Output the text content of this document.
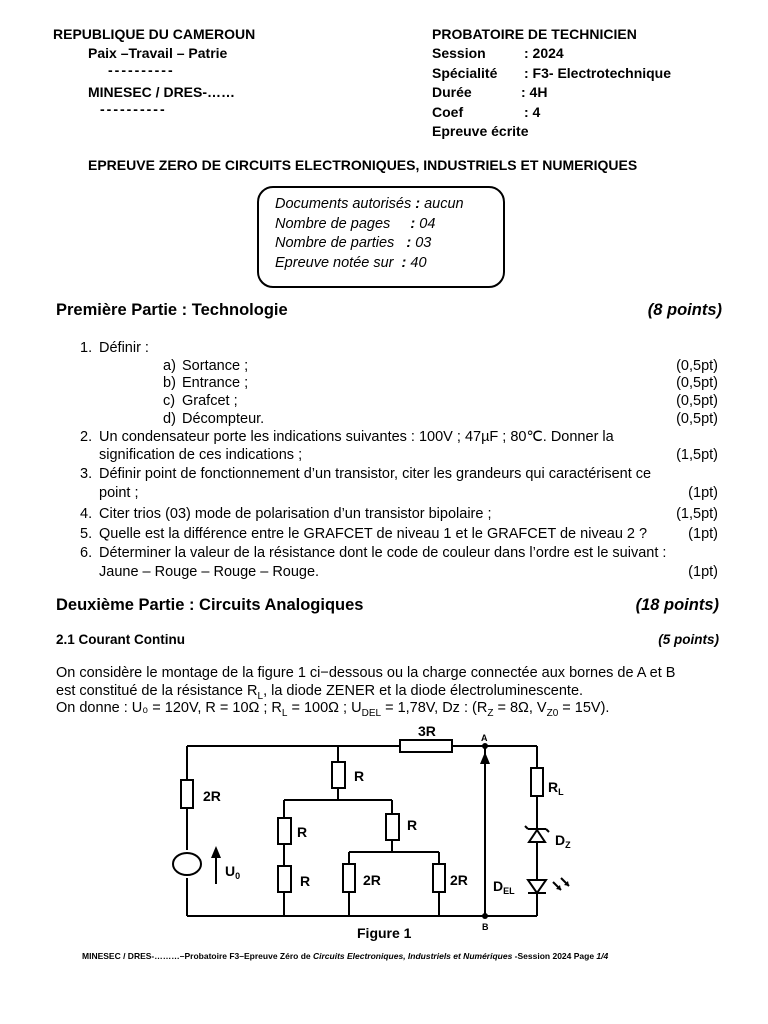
REPUBLIQUE DU CAMEROUN
Paix –Travail – Patrie
----------
MINESEC / DRES-……
----------
PROBATOIRE DE TECHNICIEN
Session	: 2024
Spécialité : F3- Electrotechnique
Durée	: 4H
Coef	: 4
Epreuve écrite
EPREUVE ZERO DE CIRCUITS ELECTRONIQUES, INDUSTRIELS ET NUMERIQUES
Documents autorisés : aucun
Nombre de pages     : 04
Nombre de parties   : 03
Epreuve notée sur  : 40
Première Partie : Technologie	(8 points)
1. Définir :
a) Sortance ;	(0,5pt)
b) Entrance ;	(0,5pt)
c) Grafcet ;	(0,5pt)
d) Décompteur.	(0,5pt)
2. Un condensateur porte les indications suivantes : 100V ; 47µF ; 80℃. Donner la
signification de ces indications ;	(1,5pt)
3. Définir point de fonctionnement d’un transistor, citer les grandeurs qui caractérisent ce
point ;	(1pt)
4. Citer trios (03) mode de polarisation d’un transistor bipolaire ;	(1,5pt)
5. Quelle est la différence entre le GRAFCET de niveau 1 et le GRAFCET de niveau 2 ?	(1pt)
6. Déterminer la valeur de la résistance dont le code de couleur dans l’ordre est le suivant :
Jaune – Rouge – Rouge – Rouge.	(1pt)
Deuxième Partie : Circuits Analogiques	(18 points)
2.1 Courant Continu	(5 points)
On considère le montage de la figure 1 ci−dessous ou la charge connectée aux bornes de A et B
est constitué de la résistance $R_L$, la diode ZENER et la diode électroluminescente.
On donne : U₀ = 120V, R = 10Ω ; $R_L = 100\Omega$ ; $U_{DEL} = 1,78V$, Dz : ($R_Z = 8\Omega$, $V_{Z0} = 15V$).
3R
2R
R
R	R
R	2R	2R
$U_0$
$R_L$
$D_Z$
$D_{EL}$
A
B
Figure 1
MINESEC / DRES-………–Probatoire F3–Epreuve Zéro de Circuits Electroniques, Industriels et Numériques -Session 2024 Page 1/4
